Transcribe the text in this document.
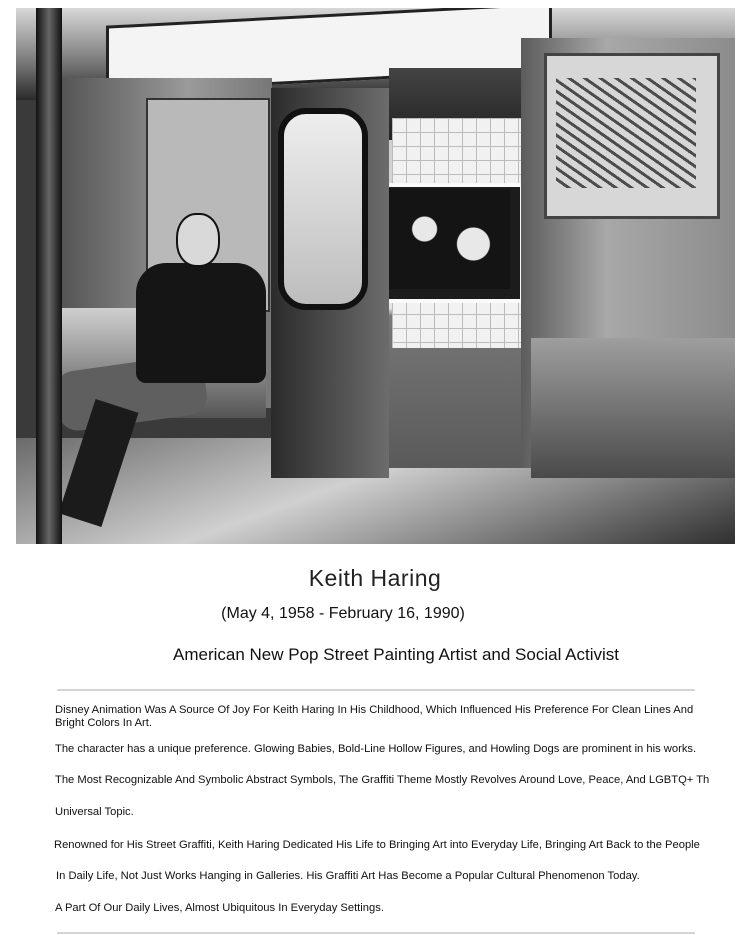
Keith Haring
(May 4, 1958 - February 16, 1990)
American New Pop Street Painting Artist and Social Activist
Disney Animation Was A Source Of Joy For Keith Haring In His Childhood, Which Influenced His Preference For Clean Lines And Bright Colors In Art.
The character has a unique preference. Glowing Babies, Bold-Line Hollow Figures, and Howling Dogs are prominent in his works.
The Most Recognizable And Symbolic Abstract Symbols, The Graffiti Theme Mostly Revolves Around Love, Peace, And LGBTQ+ Th
Universal Topic.
Renowned for His Street Graffiti, Keith Haring Dedicated His Life to Bringing Art into Everyday Life, Bringing Art Back to the People
In Daily Life, Not Just Works Hanging in Galleries. His Graffiti Art Has Become a Popular Cultural Phenomenon Today.
A Part Of Our Daily Lives, Almost Ubiquitous In Everyday Settings.
